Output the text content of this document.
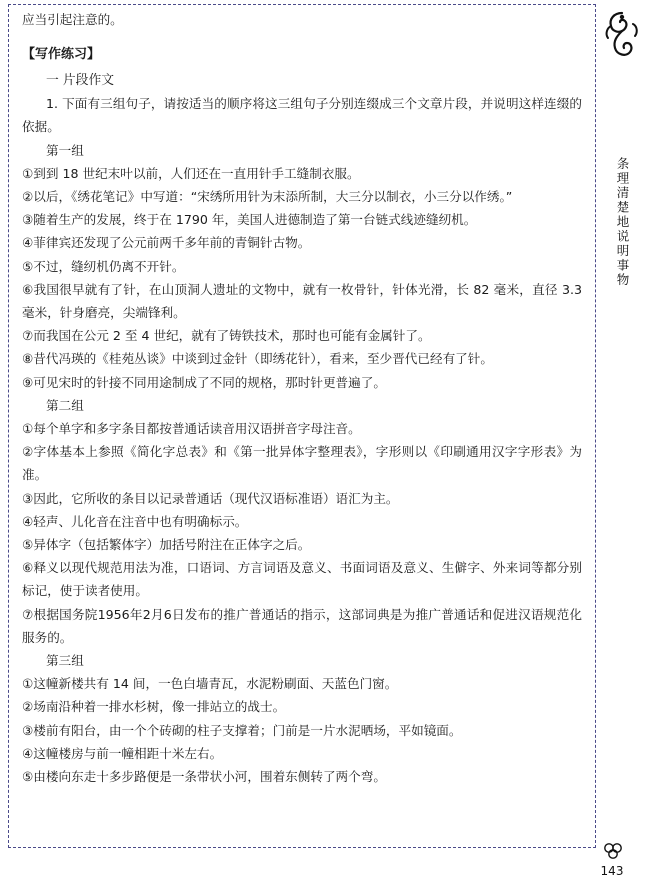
应当引起注意的。
【写作练习】
一 片段作文
1. 下面有三组句子，请按适当的顺序将这三组句子分别连缀成三个文章片段，并说明这样连缀的依据。
第一组
①到到 18 世纪末叶以前，人们还在一直用针手工缝制衣服。
②以后，《绣花笔记》中写道：“宋绣所用针为末添所制，大三分以制衣，小三分以作绣。”
③随着生产的发展，终于在 1790 年，美国人进德制造了第一台链式线迹缝纫机。
④菲律宾还发现了公元前两千多年前的青铜针古物。
⑤不过，缝纫机仍离不开针。
⑥我国很早就有了针，在山顶洞人遗址的文物中，就有一枚骨针，针体光滑，长 82 毫米，直径 3.3 毫米，针身磨亮，尖端锋利。
⑦而我国在公元 2 至 4 世纪，就有了铸铁技术，那时也可能有金属针了。
⑧昔代冯瑛的《桂苑丛谈》中谈到过金针（即绣花针），看来，至少晋代已经有了针。
⑨可见宋时的针接不同用途制成了不同的规格，那时针更普遍了。
第二组
①每个单字和多字条目都按普通话读音用汉语拼音字母注音。
②字体基本上参照《简化字总表》和《第一批异体字整理表》，字形则以《印刷通用汉字字形表》为准。
③因此，它所收的条目以记录普通话（现代汉语标准语）语汇为主。
④轻声、儿化音在注音中也有明确标示。
⑤异体字（包括繁体字）加括号附注在正体字之后。
⑥释义以现代规范用法为准，口语词、方言词语及意义、书面词语及意义、生僻字、外来词等都分别标记，使于读者使用。
⑦根据国务院1956年2月6日发布的推广普通话的指示，这部词典是为推广普通话和促进汉语规范化服务的。
第三组
①这幢新楼共有 14 间，一色白墙青瓦，水泥粉刷面、天蓝色门窗。
②场南沿种着一排水杉树，像一排站立的战士。
③楼前有阳台，由一个个砖砌的柱子支撑着；门前是一片水泥晒场，平如镜面。
④这幢楼房与前一幢相距十米左右。
⑤由楼向东走十多步路便是一条带状小河，围着东侧转了两个弯。
条理清楚地说明事物
143
